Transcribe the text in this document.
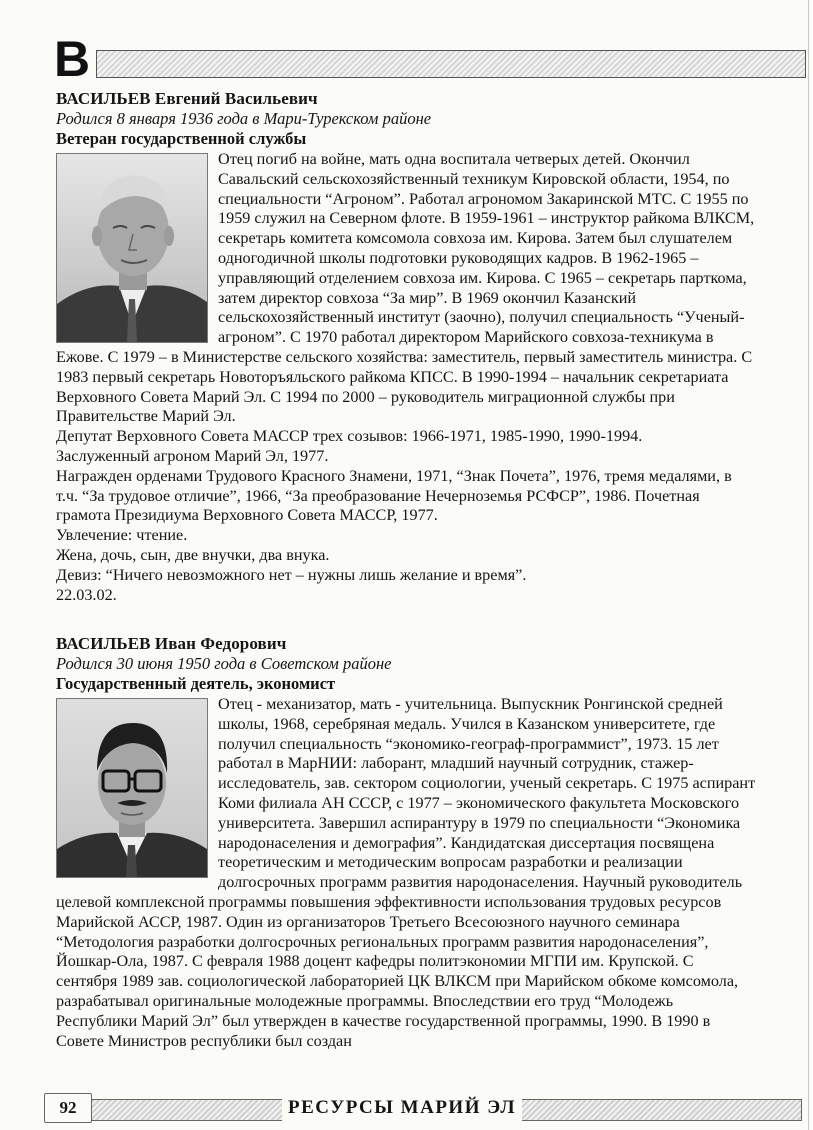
В
ВАСИЛЬЕВ Евгений Васильевич
Родился 8 января 1936 года в Мари-Турекском районе
Ветеран государственной службы

Отец погиб на войне, мать одна воспитала четверых детей. Окончил Савальский сельскохозяйственный техникум Кировской области, 1954, по специальности “Агроном”. Работал агрономом Закаринской МТС. С 1955 по 1959 служил на Северном флоте. В 1959-1961 – инструктор райкома ВЛКСМ, секретарь комитета комсомола совхоза им. Кирова. Затем был слушателем одногодичной школы подготовки руководящих кадров. В 1962-1965 – управляющий отделением совхоза им. Кирова. С 1965 – секретарь парткома, затем директор совхоза “За мир”. В 1969 окончил Казанский сельскохозяйственный институт (заочно), получил специальность “Ученый-агроном”. С 1970 работал директором Марийского совхоза-техникума в Ежове. С 1979 – в Министерстве сельского хозяйства: заместитель, первый заместитель министра. С 1983 первый секретарь Новоторъяльского райкома КПСС. В 1990-1994 – начальник секретариата Верховного Совета Марий Эл. С 1994 по 2000 – руководитель миграционной службы при Правительстве Марий Эл.

Депутат Верховного Совета МАССР трех созывов: 1966-1971, 1985-1990, 1990-1994.

Заслуженный агроном Марий Эл, 1977.

Награжден орденами Трудового Красного Знамени, 1971, “Знак Почета”, 1976, тремя медалями, в т.ч. “За трудовое отличие”, 1966, “За преобразование Нечерноземья РСФСР”, 1986. Почетная грамота Президиума Верховного Совета МАССР, 1977.

Увлечение: чтение.

Жена, дочь, сын, две внучки, два внука.

Девиз: “Ничего невозможного нет – нужны лишь желание и время”.

22.03.02.

ВАСИЛЬЕВ Иван Федорович
Родился 30 июня 1950 года в Советском районе
Государственный деятель, экономист

Отец - механизатор, мать - учительница. Выпускник Ронгинской средней школы, 1968, серебряная медаль. Учился в Казанском университете, где получил специальность “экономико-географ-программист”, 1973. 15 лет работал в МарНИИ: лаборант, младший научный сотрудник, стажер-исследователь, зав. сектором социологии, ученый секретарь. С 1975 аспирант Коми филиала АН СССР, с 1977 – экономического факультета Московского университета. Завершил аспирантуру в 1979 по специальности “Экономика народонаселения и демография”. Кандидатская диссертация посвящена теоретическим и методическим вопросам разработки и реализации долгосрочных программ развития народонаселения. Научный руководитель целевой комплексной программы повышения эффективности использования трудовых ресурсов Марийской АССР, 1987. Один из организаторов Третьего Всесоюзного научного семинара “Методология разработки долгосрочных региональных программ развития народонаселения”, Йошкар-Ола, 1987. С февраля 1988 доцент кафедры политэкономии МГПИ им. Крупской. С сентября 1989 зав. социологической лабораторией ЦК ВЛКСМ при Марийском обкоме комсомола, разрабатывал оригинальные молодежные программы. Впоследствии его труд “Молодежь Республики Марий Эл” был утвержден в качестве государственной программы, 1990. В 1990 в Совете Министров республики был создан

92	РЕСУРСЫ МАРИЙ ЭЛ
